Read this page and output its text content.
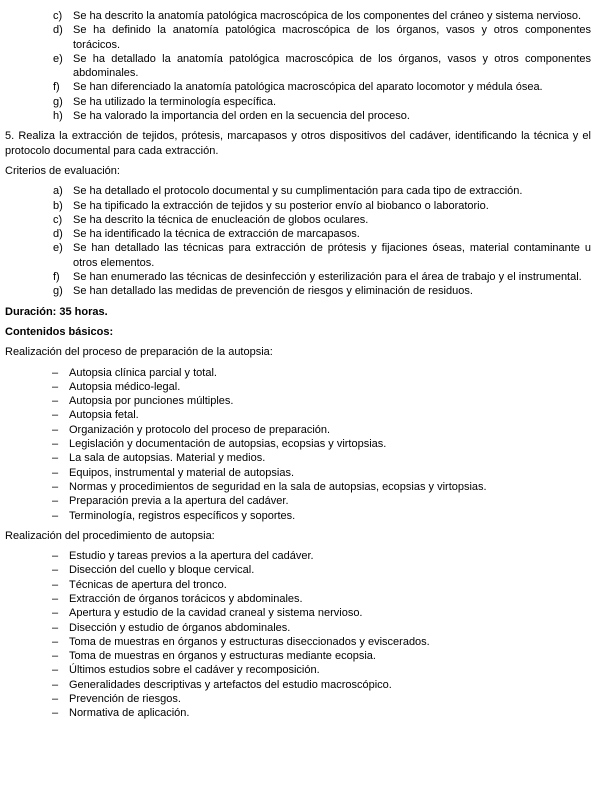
c) Se ha descrito la anatomía patológica macroscópica de los componentes del cráneo y sistema nervioso.
d) Se ha definido la anatomía patológica macroscópica de los órganos, vasos y otros componentes torácicos.
e) Se ha detallado la anatomía patológica macroscópica de los órganos, vasos y otros componentes abdominales.
f)	Se han diferenciado la anatomía patológica macroscópica del aparato locomotor y médula ósea.
g) Se ha utilizado la terminología específica.
h) Se ha valorado la importancia del orden en la secuencia del proceso.
5. Realiza la extracción de tejidos, prótesis, marcapasos y otros dispositivos del cadáver, identificando la técnica y el protocolo documental para cada extracción.
Criterios de evaluación:
a) Se ha detallado el protocolo documental y su cumplimentación para cada tipo de extracción.
b) Se ha tipificado la extracción de tejidos y su posterior envío al biobanco o laboratorio.
c) Se ha descrito la técnica de enucleación de globos oculares.
d) Se ha identificado la técnica de extracción de marcapasos.
e) Se han detallado las técnicas para extracción de prótesis y fijaciones óseas, material contaminante u otros elementos.
f)	Se han enumerado las técnicas de desinfección y esterilización para el área de trabajo y el instrumental.
g) Se han detallado las medidas de prevención de riesgos y eliminación de residuos.
Duración: 35 horas.
Contenidos básicos:
Realización del proceso de preparación de la autopsia:
– Autopsia clínica parcial y total.
– Autopsia médico-legal.
– Autopsia por punciones múltiples.
– Autopsia fetal.
– Organización y protocolo del proceso de preparación.
– Legislación y documentación de autopsias, ecopsias y virtopsias.
– La sala de autopsias. Material y medios.
– Equipos, instrumental y material de autopsias.
– Normas y procedimientos de seguridad en la sala de autopsias, ecopsias y virtopsias.
– Preparación previa a la apertura del cadáver.
– Terminología, registros específicos y soportes.
Realización del procedimiento de autopsia:
– Estudio y tareas previos a la apertura del cadáver.
– Disección del cuello y bloque cervical.
– Técnicas de apertura del tronco.
– Extracción de órganos torácicos y abdominales.
– Apertura y estudio de la cavidad craneal y sistema nervioso.
– Disección y estudio de órganos abdominales.
– Toma de muestras en órganos y estructuras diseccionados y eviscerados.
– Toma de muestras en órganos y estructuras mediante ecopsia.
– Últimos estudios sobre el cadáver y recomposición.
– Generalidades descriptivas y artefactos del estudio macroscópico.
– Prevención de riesgos.
– Normativa de aplicación.
